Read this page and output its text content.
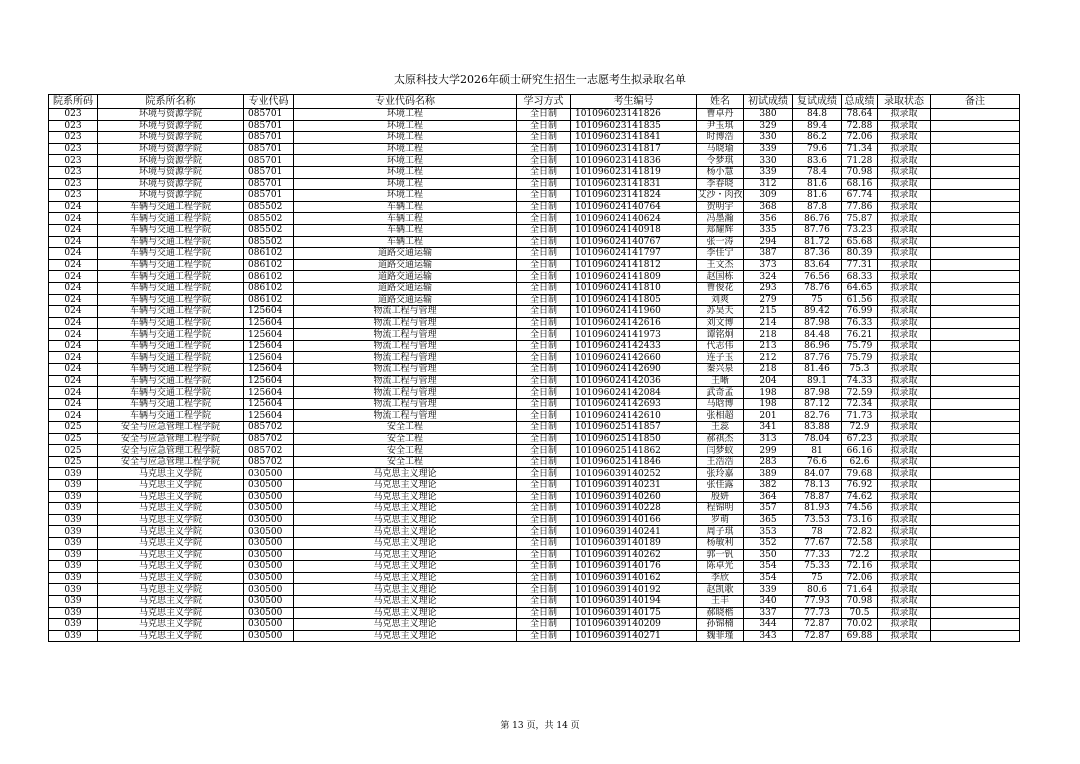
太原科技大学2026年硕士研究生招生一志愿考生拟录取名单
院系所码	院系所名称	专业代码	专业代码名称	学习方式	考生编号	姓名	初试成绩	复试成绩	总成绩	录取状态	备注
023	环境与资源学院	085701	环境工程	全日制	101096023141826	曹卓丹	380	84.8	78.64	拟录取	
023	环境与资源学院	085701	环境工程	全日制	101096023141835	尹玉琪	329	89.4	72.88	拟录取	
023	环境与资源学院	085701	环境工程	全日制	101096023141841	时博浩	330	86.2	72.06	拟录取	
023	环境与资源学院	085701	环境工程	全日制	101096023141817	马晓瑜	339	79.6	71.34	拟录取	
023	环境与资源学院	085701	环境工程	全日制	101096023141836	令梦琪	330	83.6	71.28	拟录取	
023	环境与资源学院	085701	环境工程	全日制	101096023141819	杨小慧	339	78.4	70.98	拟录取	
023	环境与资源学院	085701	环境工程	全日制	101096023141831	李春晓	312	81.6	68.16	拟录取	
023	环境与资源学院	085701	环境工程	全日制	101096023141824	艾沙・肉孜	309	81.6	67.74	拟录取	
024	车辆与交通工程学院	085502	车辆工程	全日制	101096024140764	贺明宇	368	87.8	77.86	拟录取	
024	车辆与交通工程学院	085502	车辆工程	全日制	101096024140624	冯墨瀚	356	86.76	75.87	拟录取	
024	车辆与交通工程学院	085502	车辆工程	全日制	101096024140918	郑耀辉	335	87.76	73.23	拟录取	
024	车辆与交通工程学院	085502	车辆工程	全日制	101096024140767	张一涛	294	81.72	65.68	拟录取	
024	车辆与交通工程学院	086102	道路交通运输	全日制	101096024141797	李佳宁	387	87.36	80.39	拟录取	
024	车辆与交通工程学院	086102	道路交通运输	全日制	101096024141812	王文杰	373	83.64	77.31	拟录取	
024	车辆与交通工程学院	086102	道路交通运输	全日制	101096024141809	赵国栋	324	76.56	68.33	拟录取	
024	车辆与交通工程学院	086102	道路交通运输	全日制	101096024141810	曹俊花	293	78.76	64.65	拟录取	
024	车辆与交通工程学院	086102	道路交通运输	全日制	101096024141805	刘爽	279	75	61.56	拟录取	
024	车辆与交通工程学院	125604	物流工程与管理	全日制	101096024141960	苏昊天	215	89.42	76.99	拟录取	
024	车辆与交通工程学院	125604	物流工程与管理	全日制	101096024142616	刘文博	214	87.98	76.33	拟录取	
024	车辆与交通工程学院	125604	物流工程与管理	全日制	101096024141973	谭铭炯	218	84.48	76.21	拟录取	
024	车辆与交通工程学院	125604	物流工程与管理	全日制	101096024142433	代志伟	213	86.96	75.79	拟录取	
024	车辆与交通工程学院	125604	物流工程与管理	全日制	101096024142660	连子玉	212	87.76	75.79	拟录取	
024	车辆与交通工程学院	125604	物流工程与管理	全日制	101096024142690	秦兴泉	218	81.46	75.3	拟录取	
024	车辆与交通工程学院	125604	物流工程与管理	全日制	101096024142036	王晰	204	89.1	74.33	拟录取	
024	车辆与交通工程学院	125604	物流工程与管理	全日制	101096024142084	武奇孟	198	87.98	72.59	拟录取	
024	车辆与交通工程学院	125604	物流工程与管理	全日制	101096024142693	马晗博	198	87.12	72.34	拟录取	
024	车辆与交通工程学院	125604	物流工程与管理	全日制	101096024142610	张相超	201	82.76	71.73	拟录取	
025	安全与应急管理工程学院	085702	安全工程	全日制	101096025141857	王蕊	341	83.88	72.9	拟录取	
025	安全与应急管理工程学院	085702	安全工程	全日制	101096025141850	郝祺杰	313	78.04	67.23	拟录取	
025	安全与应急管理工程学院	085702	安全工程	全日制	101096025141862	闫梦蚁	299	81	66.16	拟录取	
025	安全与应急管理工程学院	085702	安全工程	全日制	101096025141846	王浩浩	283	76.6	62.6	拟录取	
039	马克思主义学院	030500	马克思主义理论	全日制	101096039140252	张玲嘉	389	84.07	79.68	拟录取	
039	马克思主义学院	030500	马克思主义理论	全日制	101096039140231	张佳露	382	78.13	76.92	拟录取	
039	马克思主义学院	030500	马克思主义理论	全日制	101096039140260	殷妍	364	78.87	74.62	拟录取	
039	马克思主义学院	030500	马克思主义理论	全日制	101096039140228	程锦明	357	81.93	74.56	拟录取	
039	马克思主义学院	030500	马克思主义理论	全日制	101096039140166	罗萌	365	73.53	73.16	拟录取	
039	马克思主义学院	030500	马克思主义理论	全日制	101096039140241	周子琪	353	78	72.82	拟录取	
039	马克思主义学院	030500	马克思主义理论	全日制	101096039140189	杨敏利	352	77.67	72.58	拟录取	
039	马克思主义学院	030500	马克思主义理论	全日制	101096039140262	郭一钒	350	77.33	72.2	拟录取	
039	马克思主义学院	030500	马克思主义理论	全日制	101096039140176	陈卓光	354	75.33	72.16	拟录取	
039	马克思主义学院	030500	马克思主义理论	全日制	101096039140162	李欣	354	75	72.06	拟录取	
039	马克思主义学院	030500	马克思主义理论	全日制	101096039140192	赵凯歌	339	80.6	71.64	拟录取	
039	马克思主义学院	030500	马克思主义理论	全日制	101096039140194	王丰	340	77.93	70.98	拟录取	
039	马克思主义学院	030500	马克思主义理论	全日制	101096039140175	郝晓楷	337	77.73	70.5	拟录取	
039	马克思主义学院	030500	马克思主义理论	全日制	101096039140209	孙锦楠	344	72.87	70.02	拟录取	
039	马克思主义学院	030500	马克思主义理论	全日制	101096039140271	魏菲瑾	343	72.87	69.88	拟录取	
第 13 页，共 14 页
